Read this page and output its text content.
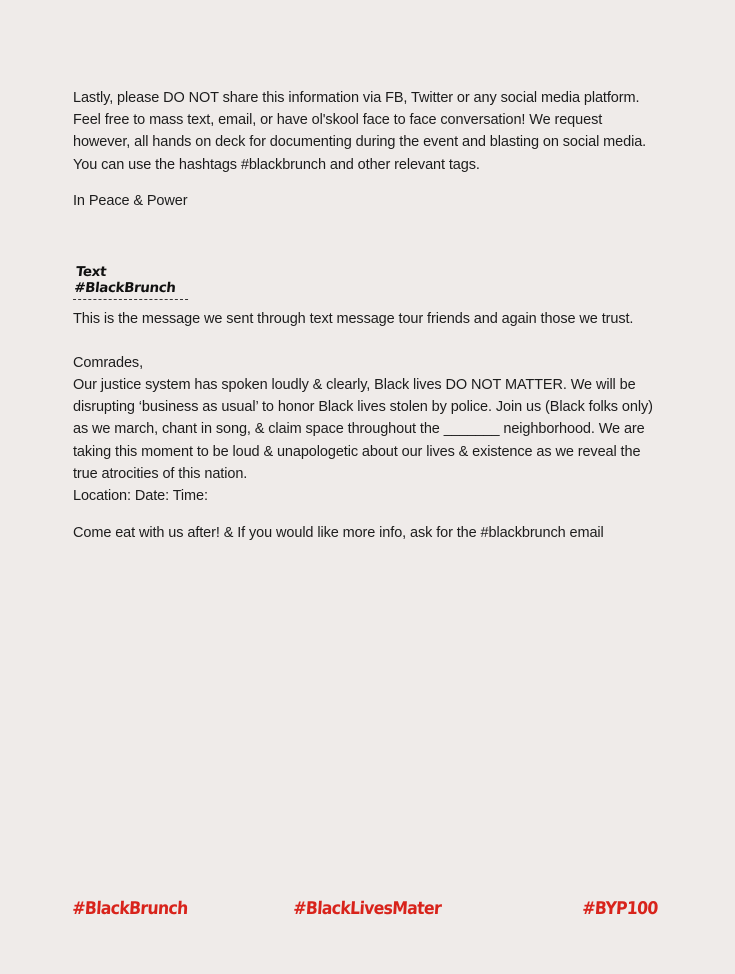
Lastly, please DO NOT share this information via FB, Twitter or any social media platform. Feel free to mass text, email, or have ol'skool face to face conversation! We request however, all hands on deck for documenting during the event and blasting on social media. You can use the hashtags #blackbrunch and other relevant tags.

In Peace & Power

Text #BlackBrunch

This is the message we sent through text message tour friends and again those we trust.

Comrades,

Our justice system has spoken loudly & clearly, Black lives DO NOT MATTER. We will be disrupting ‘business as usual’ to honor Black lives stolen by police. Join us (Black folks only) as we march, chant in song, & claim space throughout the _______ neighborhood. We are taking this moment to be loud & unapologetic about our lives & existence as we reveal the true atrocities of this nation.

Location: Date: Time:

Come eat with us after! & If you would like more info, ask for the #blackbrunch email

#BlackBrunch	#BlackLivesMater	#BYP100
